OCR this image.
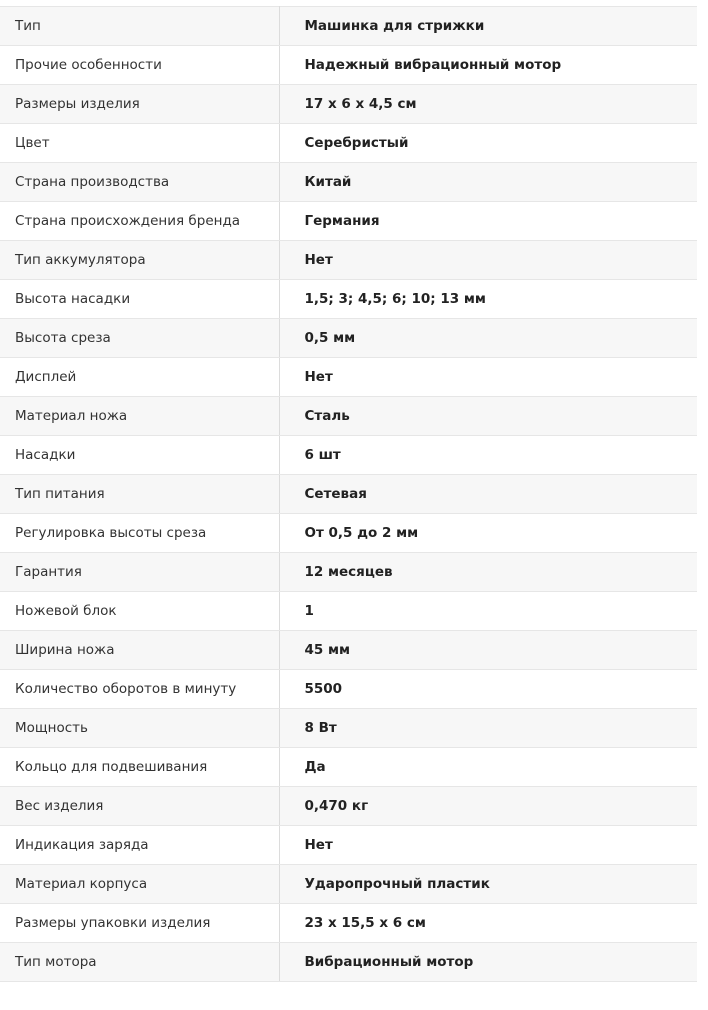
Тип	Машинка для стрижки
Прочие особенности	Надежный вибрационный мотор
Размеры изделия	17 x 6 x 4,5 см
Цвет	Серебристый
Страна производства	Китай
Страна происхождения бренда	Германия
Тип аккумулятора	Нет
Высота насадки	1,5; 3; 4,5; 6; 10; 13 мм
Высота среза	0,5 мм
Дисплей	Нет
Материал ножа	Сталь
Насадки	6 шт
Тип питания	Сетевая
Регулировка высоты среза	От 0,5 до 2 мм
Гарантия	12 месяцев
Ножевой блок	1
Ширина ножа	45 мм
Количество оборотов в минуту	5500
Мощность	8 Вт
Кольцо для подвешивания	Да
Вес изделия	0,470 кг
Индикация заряда	Нет
Материал корпуса	Ударопрочный пластик
Размеры упаковки изделия	23 x 15,5 x 6 см
Тип мотора	Вибрационный мотор
